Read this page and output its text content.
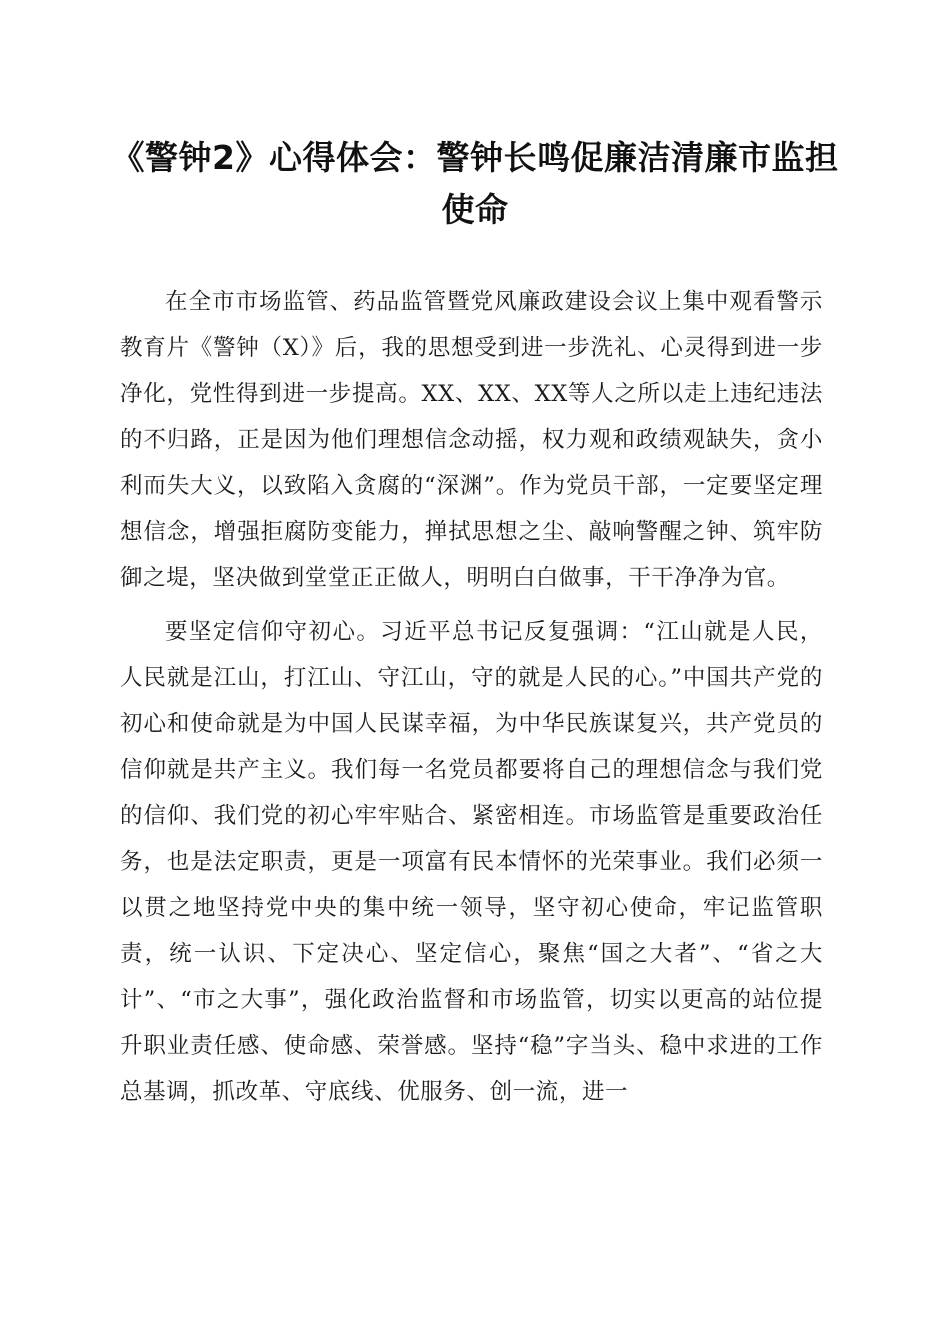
《警钟2》心得体会：警钟长鸣促廉洁清廉市监担使命

在全市市场监管、药品监管暨党风廉政建设会议上集中观看警示教育片《警钟（X）》后，我的思想受到进一步洗礼、心灵得到进一步净化，党性得到进一步提高。XX、XX、XX等人之所以走上违纪违法的不归路，正是因为他们理想信念动摇，权力观和政绩观缺失，贪小利而失大义，以致陷入贪腐的“深渊”。作为党员干部，一定要坚定理想信念，增强拒腐防变能力，掸拭思想之尘、敲响警醒之钟、筑牢防御之堤，坚决做到堂堂正正做人，明明白白做事，干干净净为官。

要坚定信仰守初心。习近平总书记反复强调：“江山就是人民，人民就是江山，打江山、守江山，守的就是人民的心。”中国共产党的初心和使命就是为中国人民谋幸福，为中华民族谋复兴，共产党员的信仰就是共产主义。我们每一名党员都要将自己的理想信念与我们党的信仰、我们党的初心牢牢贴合、紧密相连。市场监管是重要政治任务，也是法定职责，更是一项富有民本情怀的光荣事业。我们必须一以贯之地坚持党中央的集中统一领导，坚守初心使命，牢记监管职责，统一认识、下定决心、坚定信心，聚焦“国之大者”、“省之大计”、“市之大事”，强化政治监督和市场监管，切实以更高的站位提升职业责任感、使命感、荣誉感。坚持“稳”字当头、稳中求进的工作总基调，抓改革、守底线、优服务、创一流，进一
